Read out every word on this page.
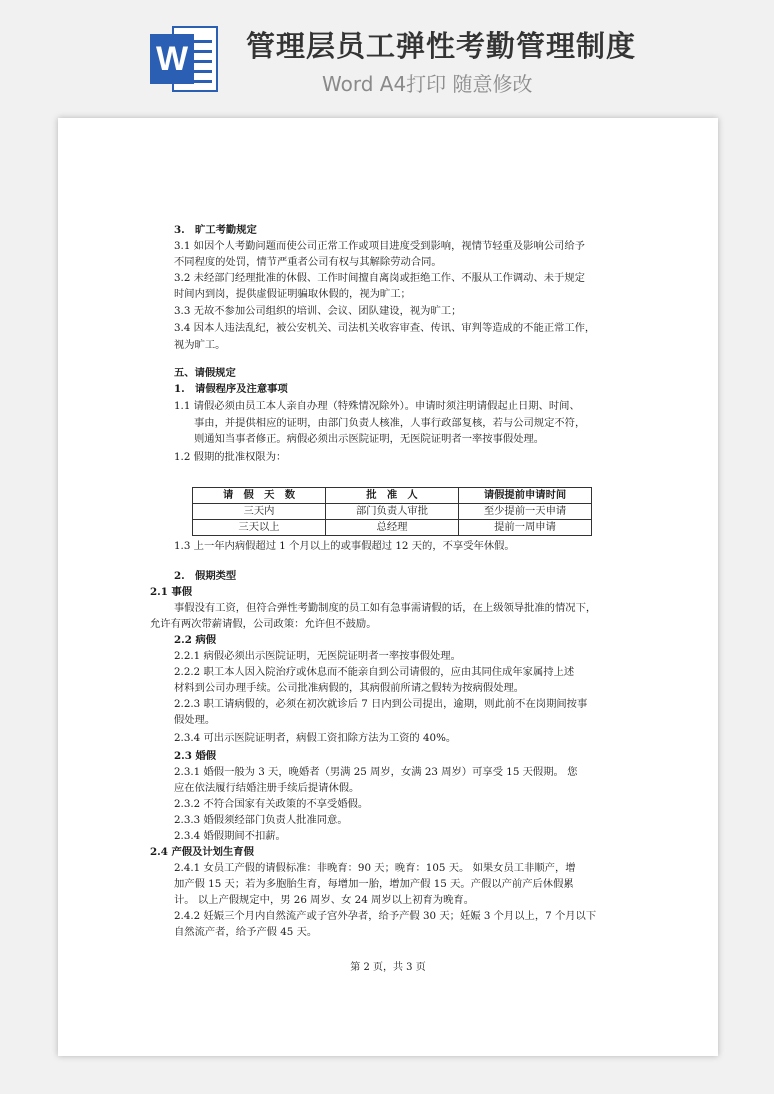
W 管理层员工弹性考勤管理制度
Word A4打印 随意修改

3.　旷工考勤规定

3.1 如因个人考勤问题而使公司正常工作或项目进度受到影响，视情节轻重及影响公司给予

不同程度的处罚，情节严重者公司有权与其解除劳动合同。

3.2 未经部门经理批准的休假、工作时间擅自离岗或拒绝工作、不服从工作调动、未于规定

时间内到岗，提供虚假证明骗取休假的，视为旷工；

3.3 无故不参加公司组织的培训、会议、团队建设，视为旷工；

3.4 因本人违法乱纪，被公安机关、司法机关收容审查、传讯、审判等造成的不能正常工作，

视为旷工。

五、请假规定

1.　请假程序及注意事项

1.1 请假必须由员工本人亲自办理（特殊情况除外）。申请时须注明请假起止日期、时间、

事由，并提供相应的证明，由部门负责人核准，人事行政部复核，若与公司规定不符，

则通知当事者修正。病假必须出示医院证明，无医院证明者一率按事假处理。

1.2 假期的批准权限为：

请　假　天　数	批　准　人	请假提前申请时间
三天内	部门负责人审批	至少提前一天申请
三天以上	总经理	提前一周申请

1.3 上一年内病假超过 1 个月以上的或事假超过 12 天的，不享受年休假。

2.　假期类型

2.1 事假

事假没有工资，但符合弹性考勤制度的员工如有急事需请假的话，在上级领导批准的情况下，

允许有两次带薪请假，公司政策：允许但不鼓励。

2.2 病假

2.2.1 病假必须出示医院证明，无医院证明者一率按事假处理。

2.2.2 职工本人因入院治疗或休息而不能亲自到公司请假的，应由其同住成年家属持上述

材料到公司办理手续。公司批准病假的，其病假前所请之假转为按病假处理。

2.2.3 职工请病假的，必须在初次就诊后 7 日内到公司提出，逾期，则此前不在岗期间按事

假处理。

2.3.4 可出示医院证明者，病假工资扣除方法为工资的 40%。

2.3 婚假

2.3.1 婚假一般为 3 天，晚婚者（男满 25 周岁，女满 23 周岁）可享受 15 天假期。 您

应在依法履行结婚注册手续后提请休假。

2.3.2 不符合国家有关政策的不享受婚假。

2.3.3 婚假须经部门负责人批准同意。

2.3.4 婚假期间不扣薪。

2.4 产假及计划生育假

2.4.1 女员工产假的请假标准：非晚育：90 天；晚育：105 天。 如果女员工非顺产，增

加产假 15 天；若为多胞胎生育，每增加一胎，增加产假 15 天。产假以产前产后休假累

计。 以上产假规定中，男 26 周岁、女 24 周岁以上初育为晚育。

2.4.2 妊娠三个月内自然流产或子宫外孕者，给予产假 30 天；妊娠 3 个月以上，7 个月以下

自然流产者，给予产假 45 天。

第 2 页，共 3 页
